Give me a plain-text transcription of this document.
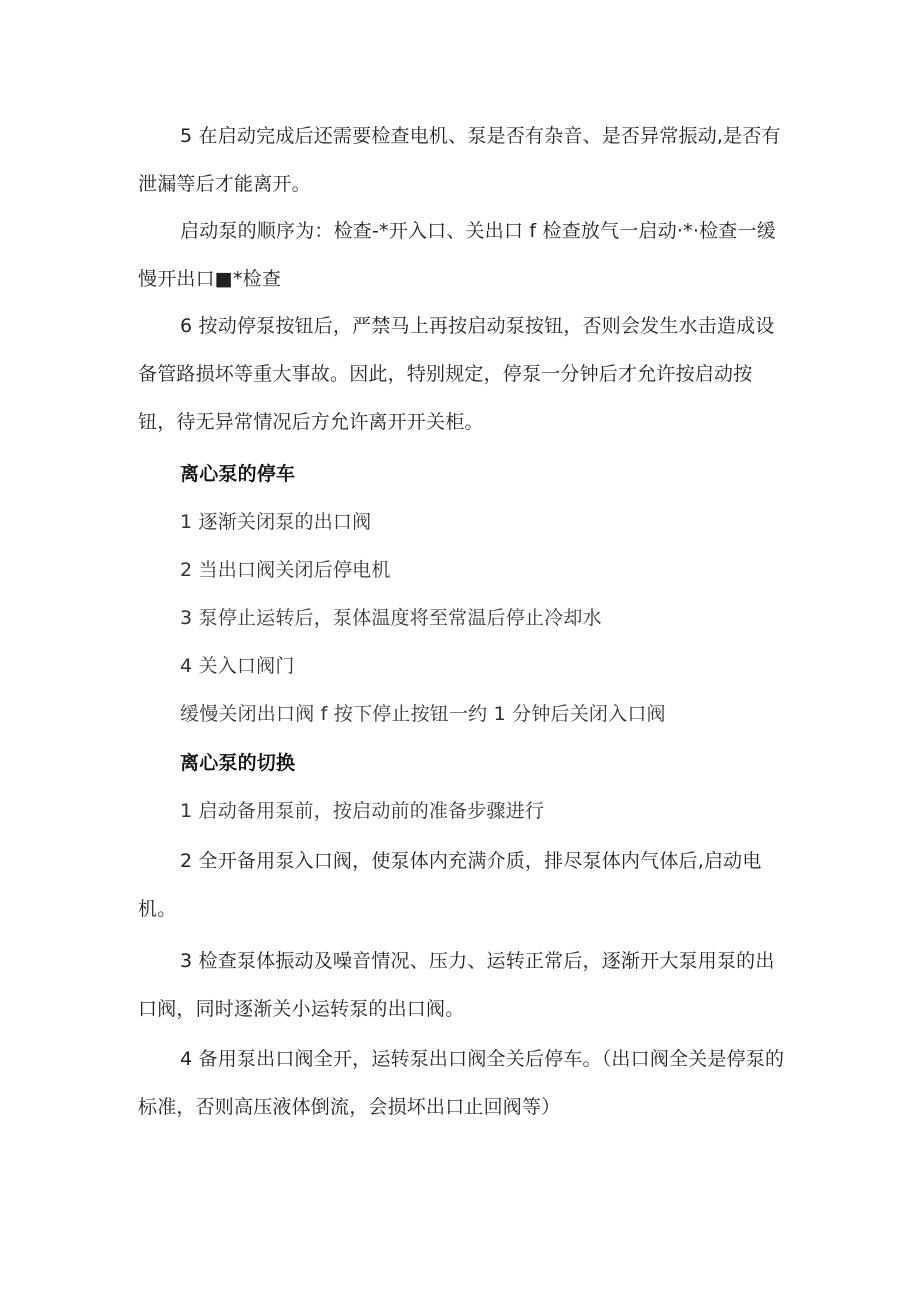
5 在启动完成后还需要检查电机、泵是否有杂音、是否异常振动,是否有泄漏等后才能离开。

启动泵的顺序为：检查-*开入口、关出口 f 检查放气一启动·*·检查一缓慢开出口■*检查

6 按动停泵按钮后，严禁马上再按启动泵按钮，否则会发生水击造成设备管路损坏等重大事故。因此，特别规定，停泵一分钟后才允许按启动按钮，待无异常情况后方允许离开开关柜。

离心泵的停车
1 逐渐关闭泵的出口阀
2 当出口阀关闭后停电机
3 泵停止运转后，泵体温度将至常温后停止冷却水
4 关入口阀门
缓慢关闭出口阀 f 按下停止按钮一约 1 分钟后关闭入口阀
离心泵的切换
1 启动备用泵前，按启动前的准备步骤进行

2 全开备用泵入口阀，使泵体内充满介质，排尽泵体内气体后,启动电机。

3 检查泵体振动及噪音情况、压力、运转正常后，逐渐开大泵用泵的出口阀，同时逐渐关小运转泵的出口阀。

4 备用泵出口阀全开，运转泵出口阀全关后停车。（出口阀全关是停泵的标准，否则高压液体倒流，会损坏出口止回阀等）
